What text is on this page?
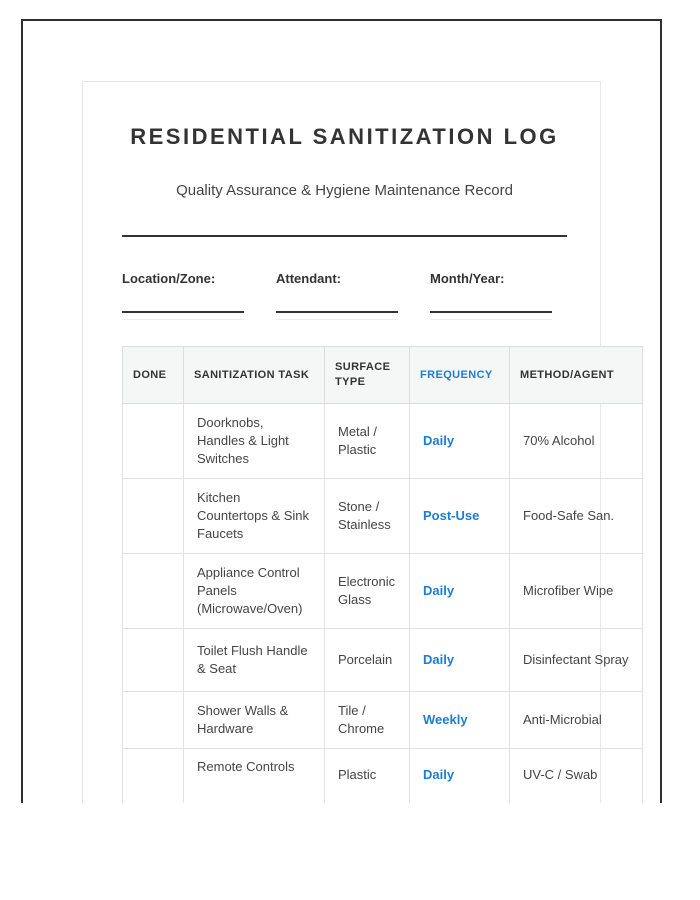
RESIDENTIAL SANITIZATION LOG
Quality Assurance & Hygiene Maintenance Record
Location/Zone:	Attendant:	Month/Year:
DONE	SANITIZATION TASK	SURFACE TYPE	FREQUENCY	METHOD/AGENT
	Doorknobs, Handles & Light Switches	Metal / Plastic	Daily	70% Alcohol
	Kitchen Countertops & Sink Faucets	Stone / Stainless	Post-Use	Food-Safe San.
	Appliance Control Panels (Microwave/Oven)	Electronic Glass	Daily	Microfiber Wipe
	Toilet Flush Handle & Seat	Porcelain	Daily	Disinfectant Spray
	Shower Walls & Hardware	Tile / Chrome	Weekly	Anti-Microbial
	Remote Controls	Plastic	Daily	UV-C / Swab
